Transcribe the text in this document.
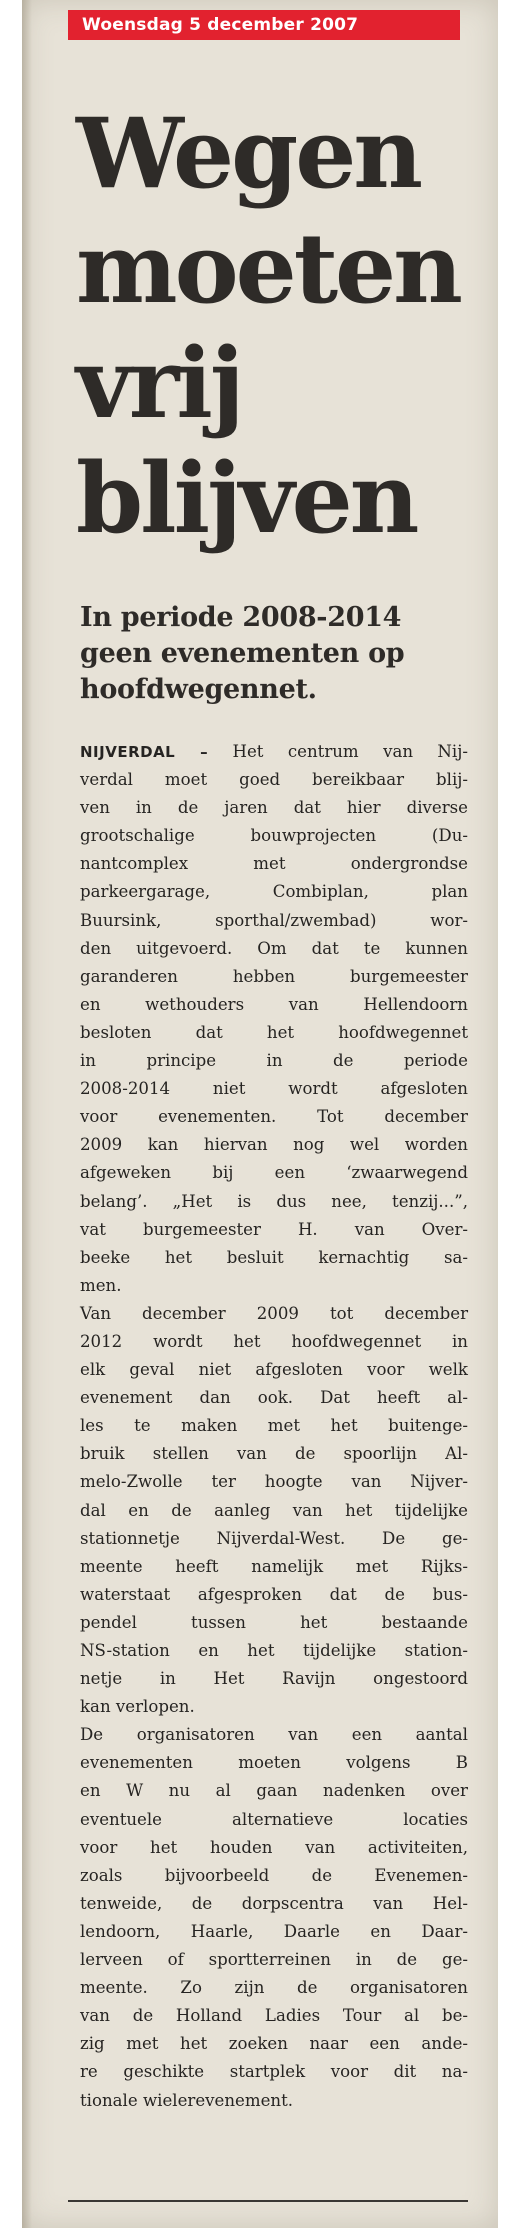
Woensdag 5 december 2007
Wegen
moeten
vrij
blijven
In periode 2008-2014
geen evenementen op
hoofdwegennet.
NIJVERDAL – Het centrum van Nij-
verdal moet goed bereikbaar blij-
ven in de jaren dat hier diverse
grootschalige bouwprojecten (Du-
nantcomplex met ondergrondse
parkeergarage, Combiplan, plan
Buursink, sporthal/zwembad) wor-
den uitgevoerd. Om dat te kunnen
garanderen hebben burgemeester
en wethouders van Hellendoorn
besloten dat het hoofdwegennet
in principe in de periode
2008-2014 niet wordt afgesloten
voor evenementen. Tot december
2009 kan hiervan nog wel worden
afgeweken bij een ‘zwaarwegend
belang’. „Het is dus nee, tenzij...”,
vat burgemeester H. van Over-
beeke het besluit kernachtig sa-
men.
Van december 2009 tot december
2012 wordt het hoofdwegennet in
elk geval niet afgesloten voor welk
evenement dan ook. Dat heeft al-
les te maken met het buitenge-
bruik stellen van de spoorlijn Al-
melo-Zwolle ter hoogte van Nijver-
dal en de aanleg van het tijdelijke
stationnetje Nijverdal-West. De ge-
meente heeft namelijk met Rijks-
waterstaat afgesproken dat de bus-
pendel tussen het bestaande
NS-station en het tijdelijke station-
netje in Het Ravijn ongestoord
kan verlopen.
De organisatoren van een aantal
evenementen moeten volgens B
en W nu al gaan nadenken over
eventuele alternatieve locaties
voor het houden van activiteiten,
zoals bijvoorbeeld de Evenemen-
tenweide, de dorpscentra van Hel-
lendoorn, Haarle, Daarle en Daar-
lerveen of sportterreinen in de ge-
meente. Zo zijn de organisatoren
van de Holland Ladies Tour al be-
zig met het zoeken naar een ande-
re geschikte startplek voor dit na-
tionale wielerevenement.
